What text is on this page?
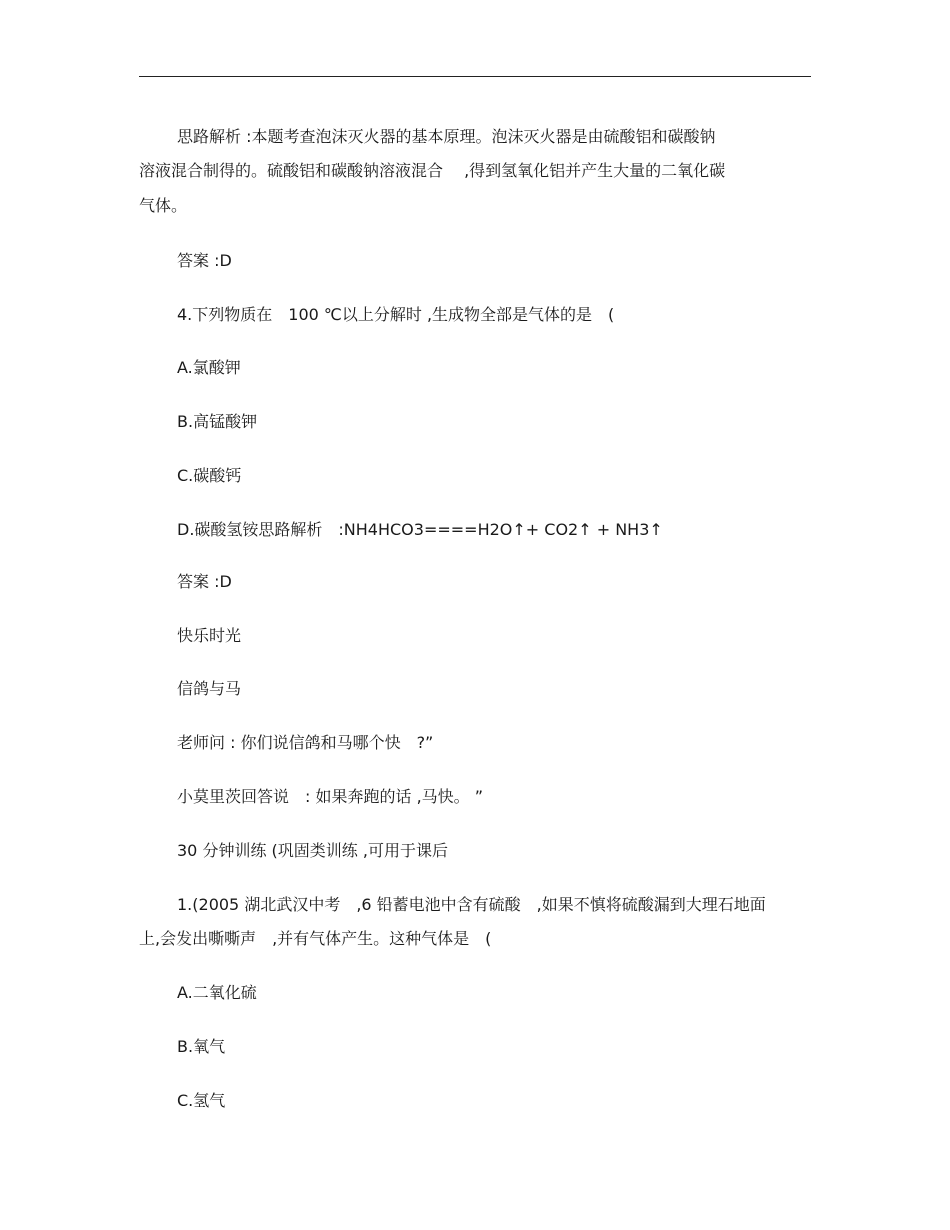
思路解析 :本题考查泡沫灭火器的基本原理。泡沫灭火器是由硫酸铝和碳酸钠
溶液混合制得的。硫酸铝和碳酸钠溶液混合　 ,得到氢氧化铝并产生大量的二氧化碳
气体。
答案 :D
4.下列物质在　100 ℃以上分解时 ,生成物全部是气体的是　(
A.氯酸钾
B.高锰酸钾
C.碳酸钙
D.碳酸氢铵思路解析　:NH4HCO3====H2O↑+ CO2↑ + NH3↑
答案 :D
快乐时光
信鸽与马
老师问 : 你们说信鸽和马哪个快　?”
小莫里茨回答说　: 如果奔跑的话 ,马快。 ”
30 分钟训练 (巩固类训练 ,可用于课后
1.(2005 湖北武汉中考　,6 铅蓄电池中含有硫酸　,如果不慎将硫酸漏到大理石地面
上,会发出嘶嘶声　,并有气体产生。这种气体是　(
A.二氧化硫
B.氧气
C.氢气
